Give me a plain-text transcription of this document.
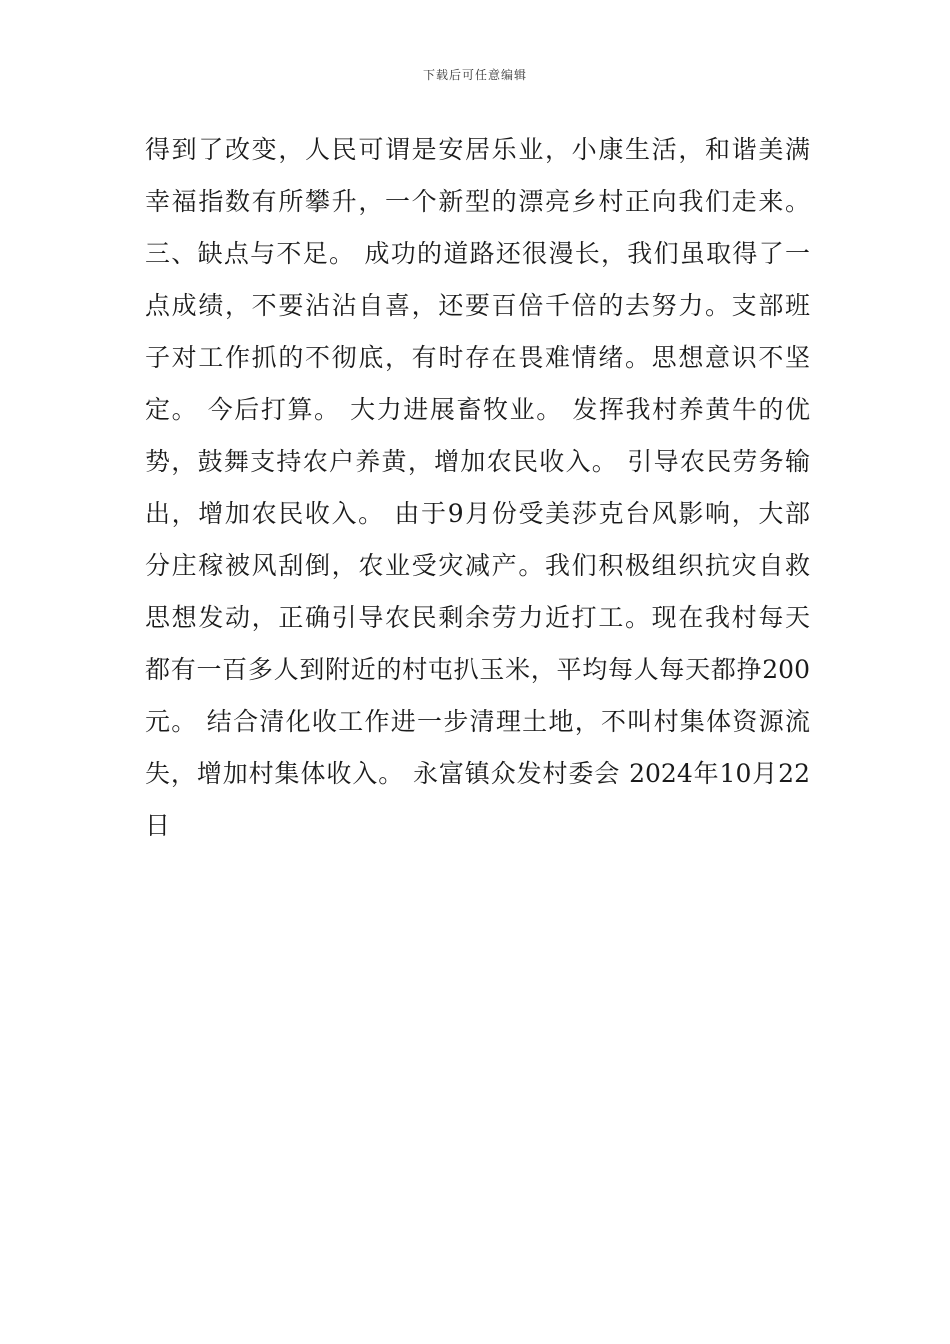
下载后可任意编辑
得到了改变，人民可谓是安居乐业，小康生活，和谐美满
幸福指数有所攀升，一个新型的漂亮乡村正向我们走来。
三、缺点与不足。 成功的道路还很漫长，我们虽取得了一
点成绩，不要沾沾自喜，还要百倍千倍的去努力。支部班
子对工作抓的不彻底，有时存在畏难情绪。思想意识不坚
定。 今后打算。 大力进展畜牧业。 发挥我村养黄牛的优
势，鼓舞支持农户养黄，增加农民收入。 引导农民劳务输
出，增加农民收入。 由于9月份受美莎克台风影响，大部
分庄稼被风刮倒，农业受灾减产。我们积极组织抗灾自救
思想发动，正确引导农民剩余劳力近打工。现在我村每天
都有一百多人到附近的村屯扒玉米，平均每人每天都挣200
元。 结合清化收工作进一步清理土地，不叫村集体资源流
失，增加村集体收入。 永富镇众发村委会 2024年10月22
日
